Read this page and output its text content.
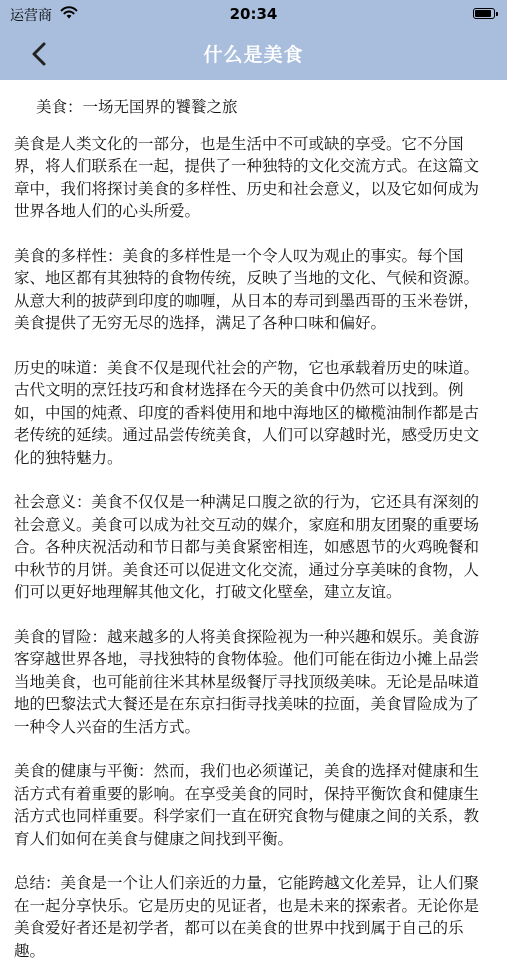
运营商	20:34
什么是美食

美食：一场无国界的饕餮之旅

美食是人类文化的一部分，也是生活中不可或缺的享受。它不分国界，将人们联系在一起，提供了一种独特的文化交流方式。在这篇文章中，我们将探讨美食的多样性、历史和社会意义，以及它如何成为世界各地人们的心头所爱。

美食的多样性：美食的多样性是一个令人叹为观止的事实。每个国家、地区都有其独特的食物传统，反映了当地的文化、气候和资源。从意大利的披萨到印度的咖喱，从日本的寿司到墨西哥的玉米卷饼，美食提供了无穷无尽的选择，满足了各种口味和偏好。

历史的味道：美食不仅是现代社会的产物，它也承载着历史的味道。古代文明的烹饪技巧和食材选择在今天的美食中仍然可以找到。例如，中国的炖煮、印度的香料使用和地中海地区的橄榄油制作都是古老传统的延续。通过品尝传统美食，人们可以穿越时光，感受历史文化的独特魅力。

社会意义：美食不仅仅是一种满足口腹之欲的行为，它还具有深刻的社会意义。美食可以成为社交互动的媒介，家庭和朋友团聚的重要场合。各种庆祝活动和节日都与美食紧密相连，如感恩节的火鸡晚餐和中秋节的月饼。美食还可以促进文化交流，通过分享美味的食物，人们可以更好地理解其他文化，打破文化壁垒，建立友谊。

美食的冒险：越来越多的人将美食探险视为一种兴趣和娱乐。美食游客穿越世界各地，寻找独特的食物体验。他们可能在街边小摊上品尝当地美食，也可能前往米其林星级餐厅寻找顶级美味。无论是品味道地的巴黎法式大餐还是在东京扫街寻找美味的拉面，美食冒险成为了一种令人兴奋的生活方式。

美食的健康与平衡：然而，我们也必须谨记，美食的选择对健康和生活方式有着重要的影响。在享受美食的同时，保持平衡饮食和健康生活方式也同样重要。科学家们一直在研究食物与健康之间的关系，教育人们如何在美食与健康之间找到平衡。

总结：美食是一个让人们亲近的力量，它能跨越文化差异，让人们聚在一起分享快乐。它是历史的见证者，也是未来的探索者。无论你是美食爱好者还是初学者，都可以在美食的世界中找到属于自己的乐趣。
